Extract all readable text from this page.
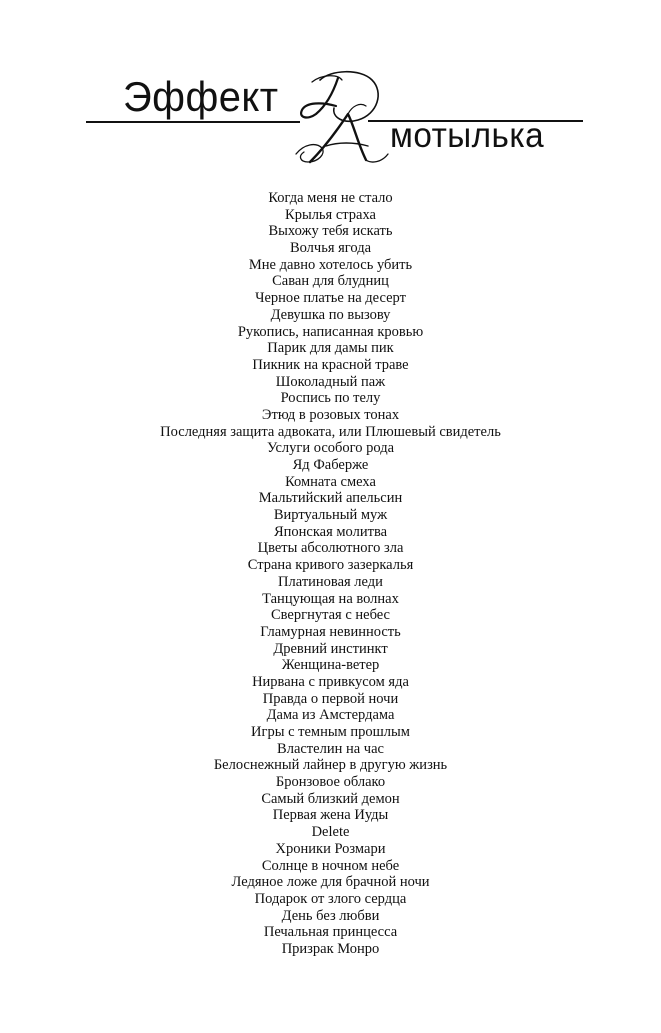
Эффект
мотылька
Когда меня не стало
Крылья страха
Выхожу тебя искать
Волчья ягода
Мне давно хотелось убить
Саван для блудниц
Черное платье на десерт
Девушка по вызову
Рукопись, написанная кровью
Парик для дамы пик
Пикник на красной траве
Шоколадный паж
Роспись по телу
Этюд в розовых тонах
Последняя защита адвоката, или Плюшевый свидетель
Услуги особого рода
Яд Фаберже
Комната смеха
Мальтийский апельсин
Виртуальный муж
Японская молитва
Цветы абсолютного зла
Страна кривого зазеркалья
Платиновая леди
Танцующая на волнах
Свергнутая с небес
Гламурная невинность
Древний инстинкт
Женщина-ветер
Нирвана с привкусом яда
Правда о первой ночи
Дама из Амстердама
Игры с темным прошлым
Властелин на час
Белоснежный лайнер в другую жизнь
Бронзовое облако
Самый близкий демон
Первая жена Иуды
Delete
Хроники Розмари
Солнце в ночном небе
Ледяное ложе для брачной ночи
Подарок от злого сердца
День без любви
Печальная принцесса
Призрак Монро
